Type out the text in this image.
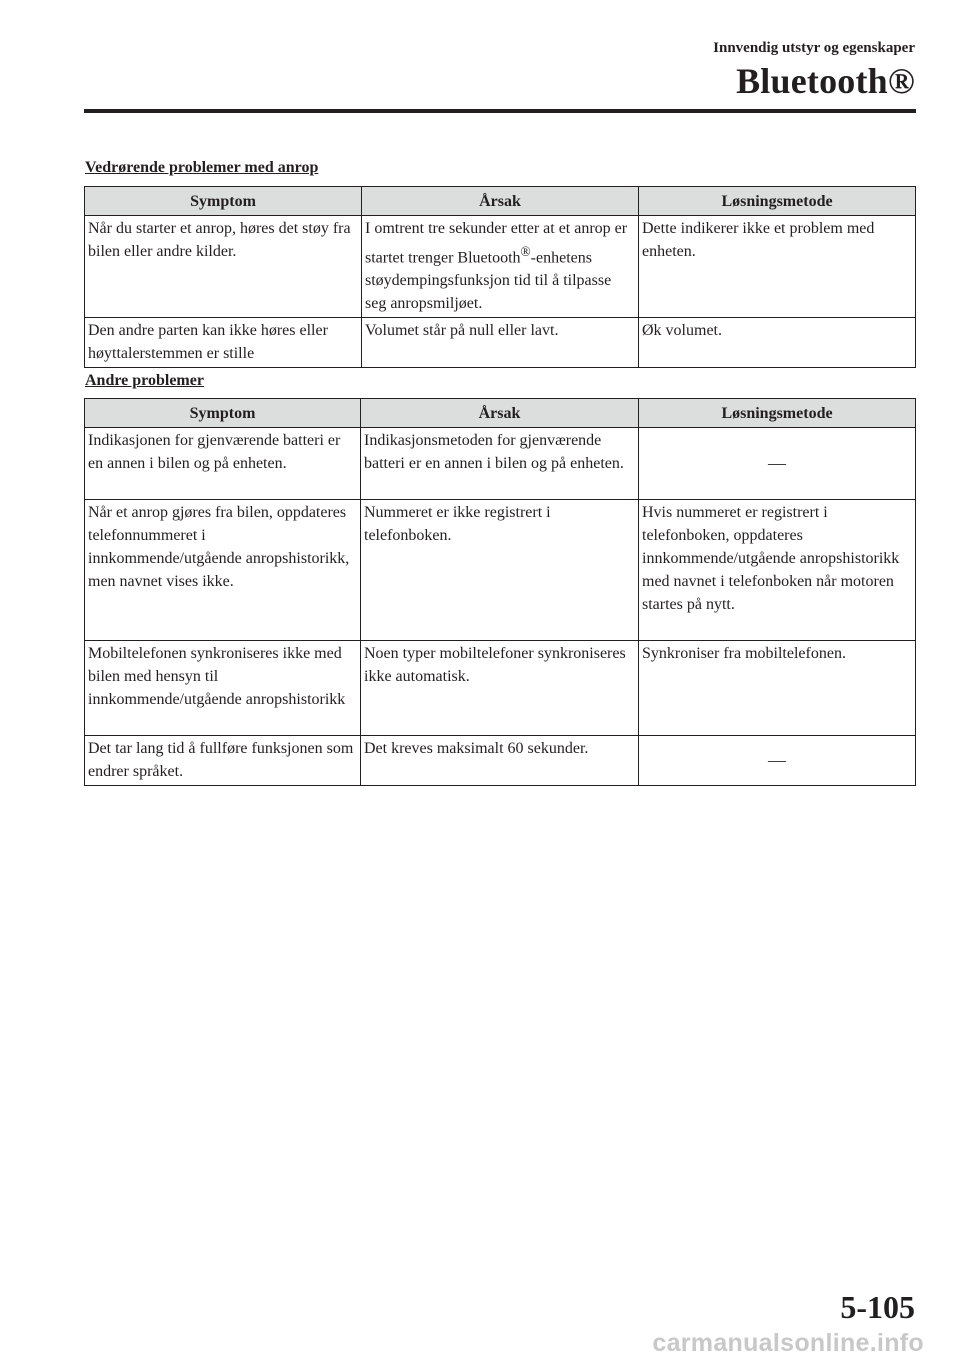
Innvendig utstyr og egenskaper
Bluetooth®
Vedrørende problemer med anrop
Symptom	Årsak	Løsningsmetode
Når du starter et anrop, høres det støy fra bilen eller andre kilder.	I omtrent tre sekunder etter at et anrop er startet trenger Bluetooth®-enhetens støydempingsfunksjon tid til å tilpasse seg anropsmiljøet.	Dette indikerer ikke et problem med enheten.
Den andre parten kan ikke høres eller høyttalerstemmen er stille	Volumet står på null eller lavt.	Øk volumet.
Andre problemer
Symptom	Årsak	Løsningsmetode
Indikasjonen for gjenværende batteri er en annen i bilen og på enheten.	Indikasjonsmetoden for gjenværende batteri er en annen i bilen og på enheten.	—
Når et anrop gjøres fra bilen, oppdateres telefonnummeret i innkommende/utgående anropshistorikk, men navnet vises ikke.	Nummeret er ikke registrert i telefonboken.	Hvis nummeret er registrert i telefonboken, oppdateres innkommende/utgående anropshistorikk med navnet i telefonboken når motoren startes på nytt.
Mobiltelefonen synkroniseres ikke med bilen med hensyn til innkommende/utgående anropshistorikk	Noen typer mobiltelefoner synkroniseres ikke automatisk.	Synkroniser fra mobiltelefonen.
Det tar lang tid å fullføre funksjonen som endrer språket.	Det kreves maksimalt 60 sekunder.	—
5-105
carmanualsonline.info
